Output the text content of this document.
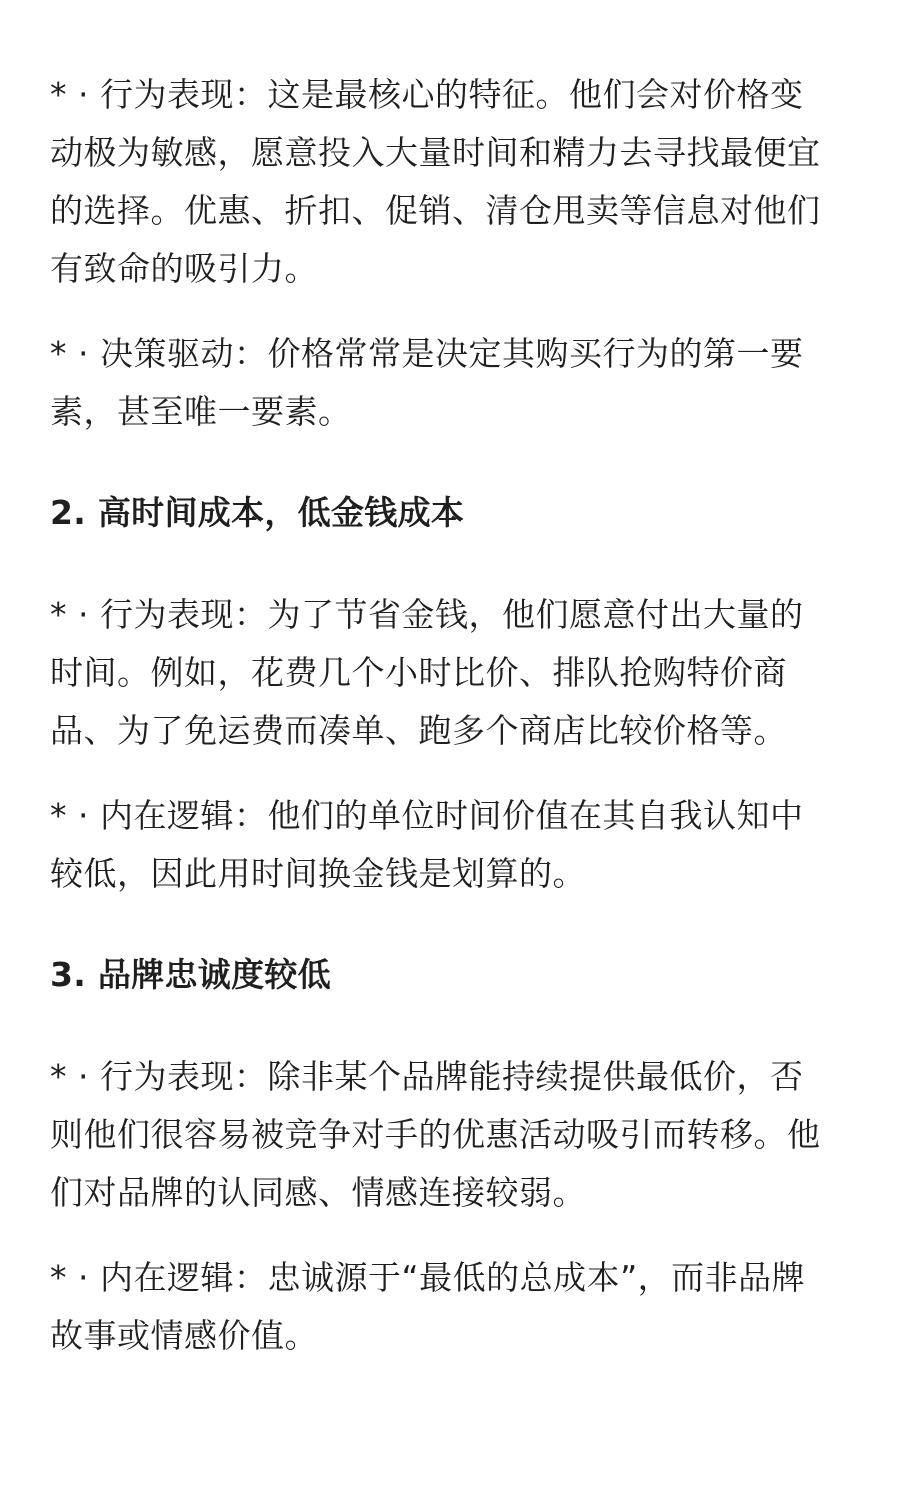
* · 行为表现：这是最核心的特征。他们会对价格变
动极为敏感，愿意投入大量时间和精力去寻找最便宜
的选择。优惠、折扣、促销、清仓甩卖等信息对他们
有致命的吸引力。

* · 决策驱动：价格常常是决定其购买行为的第一要
素，甚至唯一要素。

2. 高时间成本，低金钱成本

* · 行为表现：为了节省金钱，他们愿意付出大量的
时间。例如，花费几个小时比价、排队抢购特价商
品、为了免运费而凑单、跑多个商店比较价格等。

* · 内在逻辑：他们的单位时间价值在其自我认知中
较低，因此用时间换金钱是划算的。

3. 品牌忠诚度较低

* · 行为表现：除非某个品牌能持续提供最低价，否
则他们很容易被竞争对手的优惠活动吸引而转移。他
们对品牌的认同感、情感连接较弱。

* · 内在逻辑：忠诚源于“最低的总成本”，而非品牌
故事或情感价值。
